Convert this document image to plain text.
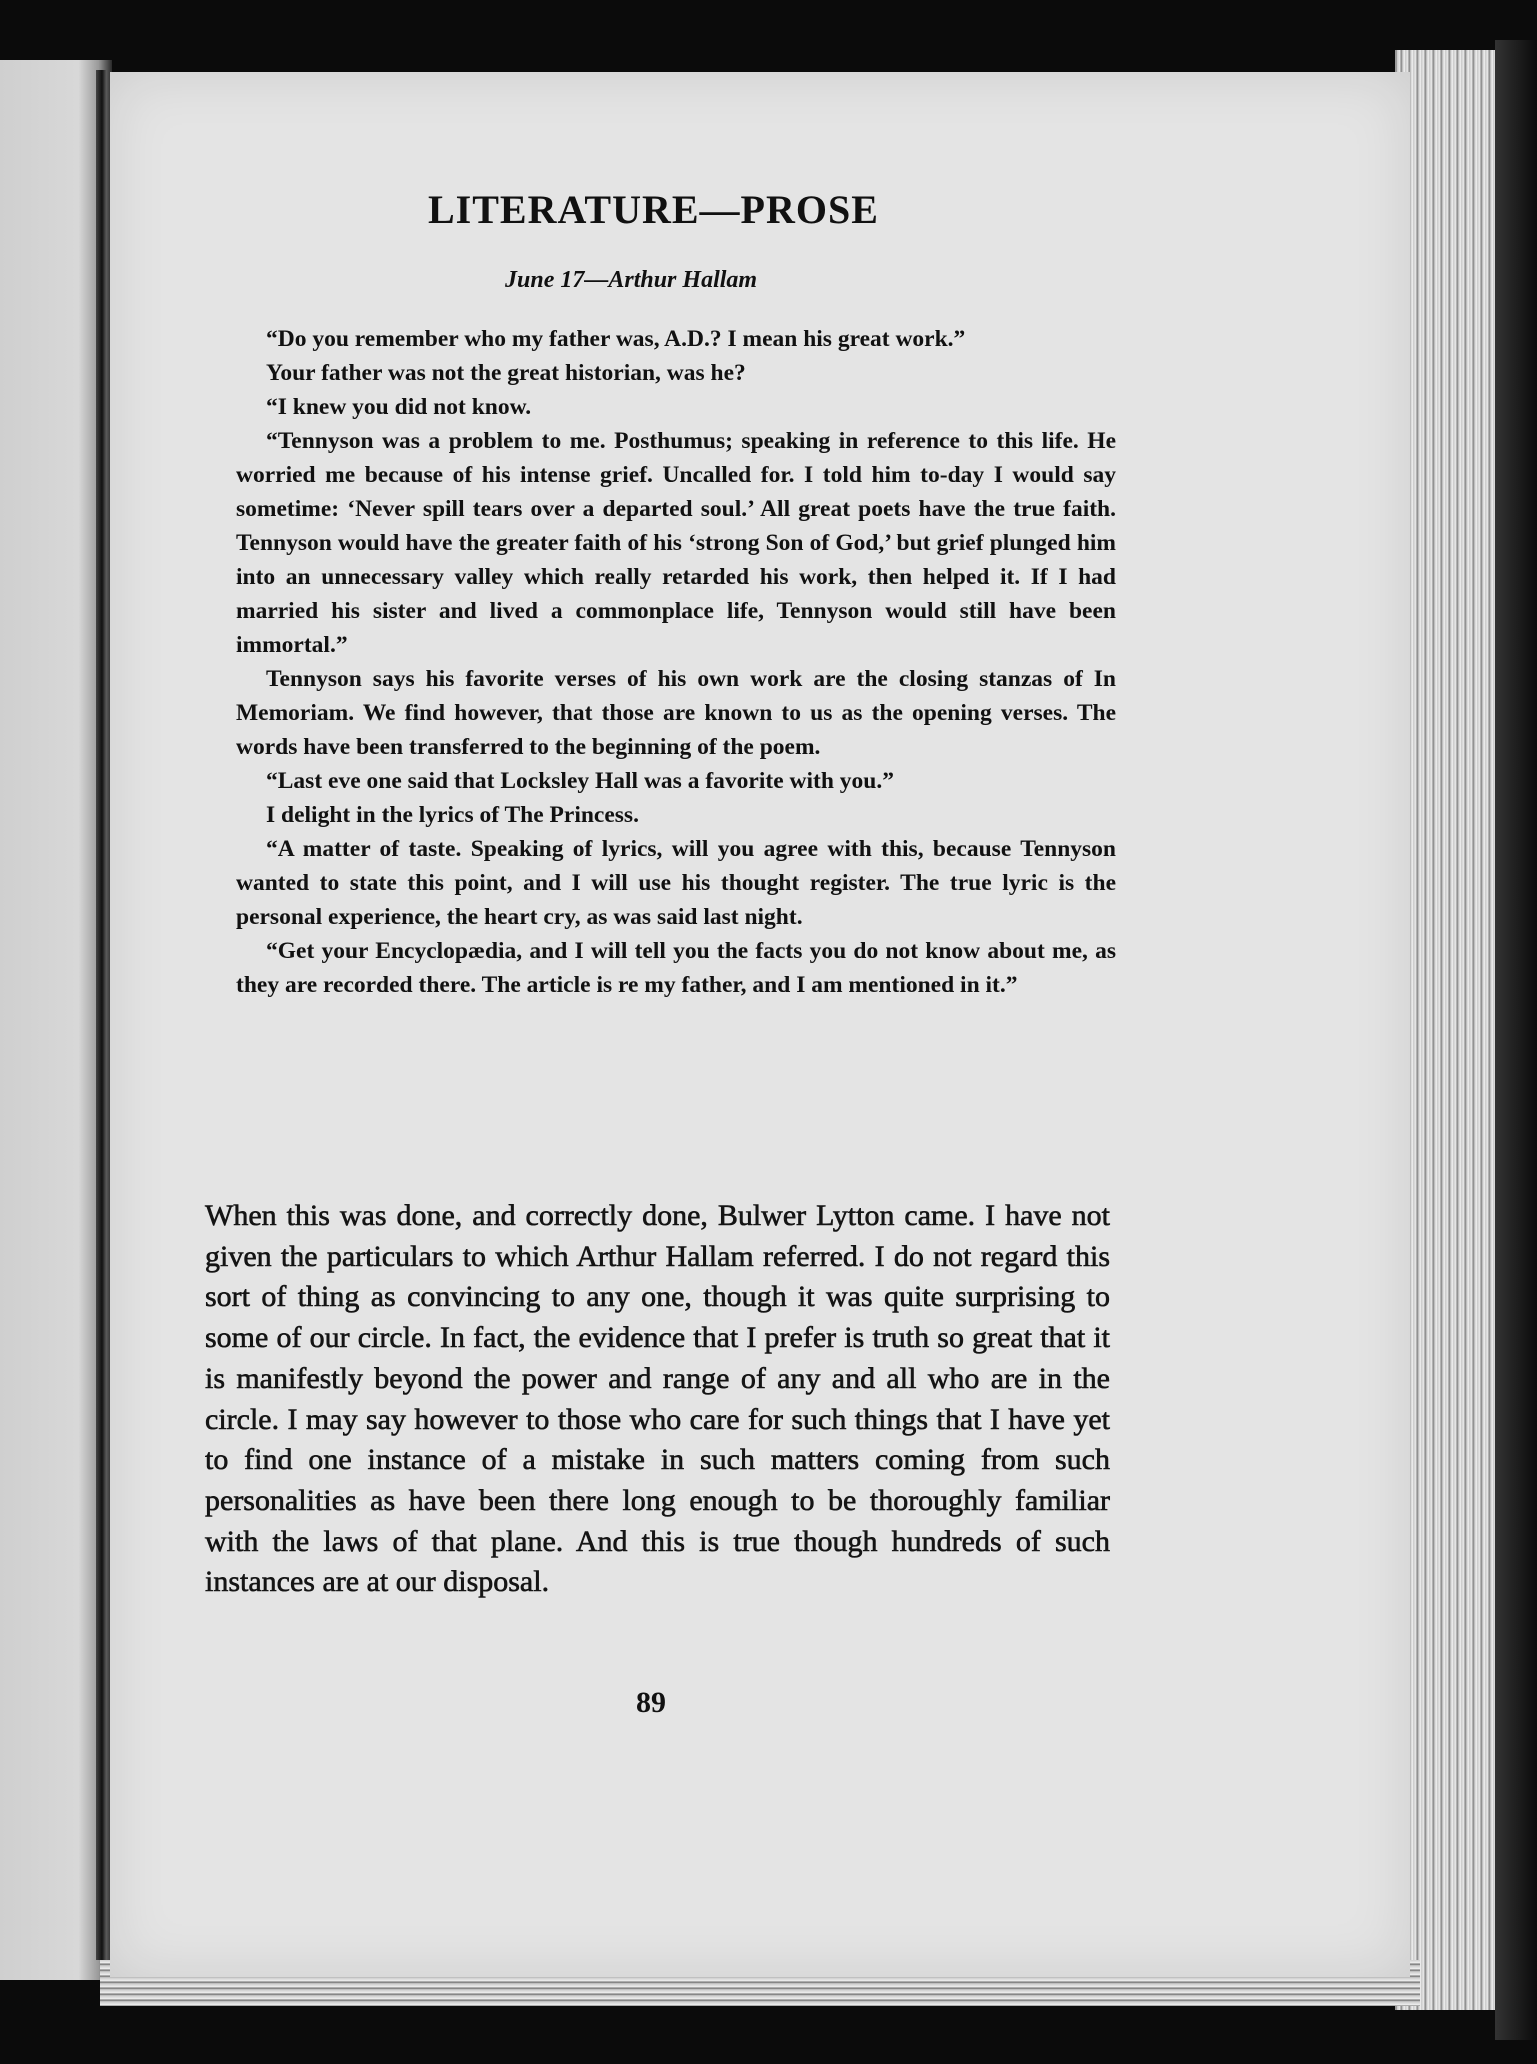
LITERATURE—PROSE
June 17—Arthur Hallam

“Do you remember who my father was, A.D.? I mean his great work.”

Your father was not the great historian, was he?

“I knew you did not know.

“Tennyson was a problem to me. Posthumus; speaking in reference to this life. He worried me because of his intense grief. Uncalled for. I told him to-day I would say sometime: ‘Never spill tears over a departed soul.’ All great poets have the true faith. Tennyson would have the greater faith of his ‘strong Son of God,’ but grief plunged him into an unnecessary valley which really retarded his work, then helped it. If I had married his sister and lived a commonplace life, Tennyson would still have been immortal.”

Tennyson says his favorite verses of his own work are the closing stanzas of In Memoriam. We find however, that those are known to us as the opening verses. The words have been transferred to the beginning of the poem.

“Last eve one said that Locksley Hall was a favorite with you.”

I delight in the lyrics of The Princess.

“A matter of taste. Speaking of lyrics, will you agree with this, because Tennyson wanted to state this point, and I will use his thought register. The true lyric is the personal experience, the heart cry, as was said last night.

“Get your Encyclopædia, and I will tell you the facts you do not know about me, as they are recorded there. The article is re my father, and I am mentioned in it.”

When this was done, and correctly done, Bulwer Lytton came. I have not given the particulars to which Arthur Hallam referred. I do not regard this sort of thing as convincing to any one, though it was quite surprising to some of our circle. In fact, the evidence that I prefer is truth so great that it is manifestly beyond the power and range of any and all who are in the circle. I may say however to those who care for such things that I have yet to find one instance of a mistake in such matters coming from such personalities as have been there long enough to be thoroughly familiar with the laws of that plane. And this is true though hundreds of such instances are at our disposal.

89
